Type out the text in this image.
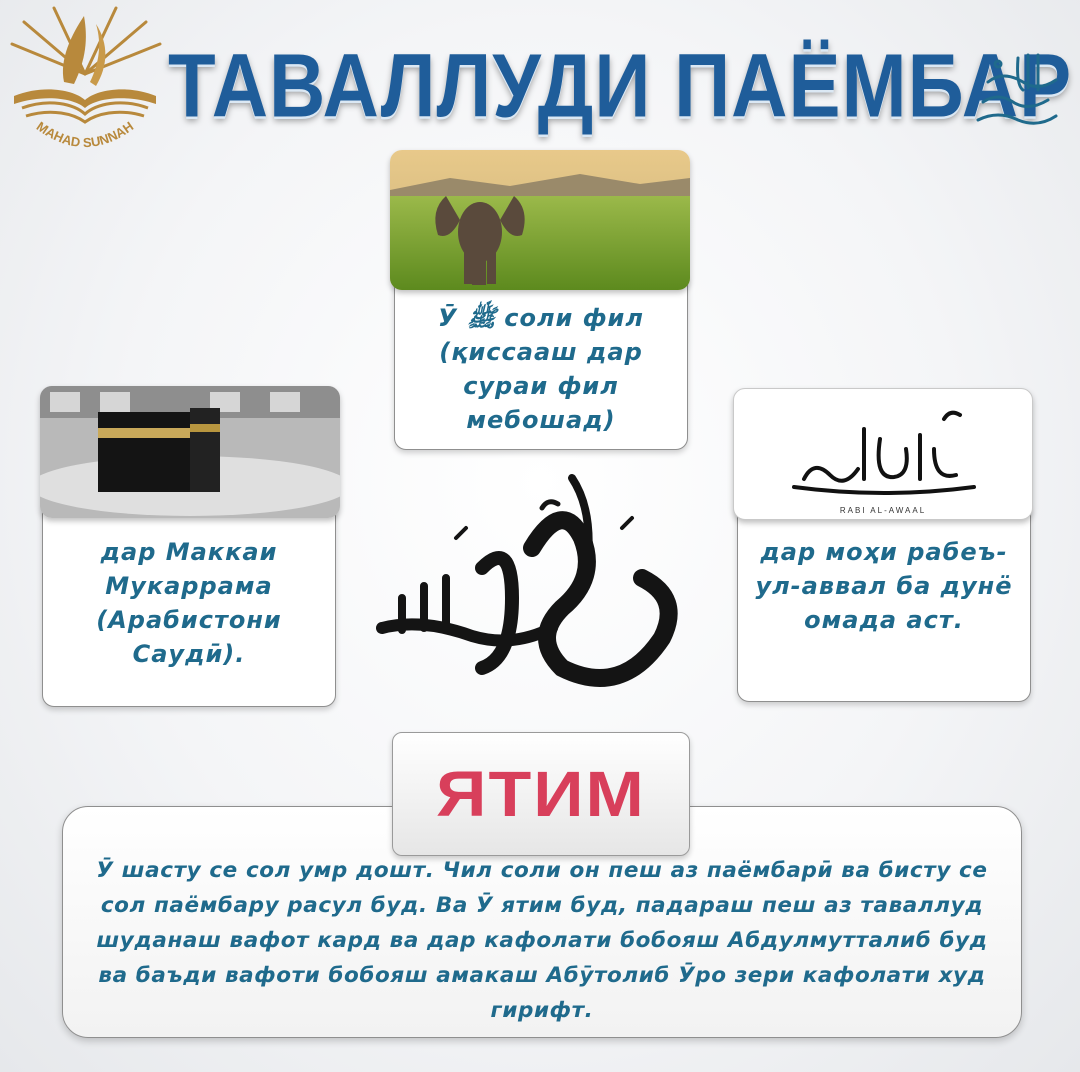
MAHAD SUNNAH ТАВАЛЛУДИ ПАЁМБАР
Ӯ ﷺ соли фил (қиссааш дар сураи фил мебошад)
дар Маккаи Мукаррама (Арабистони Саудӣ).
дар моҳи рабеъ-ул-аввал ба дунё омада аст.
RABI AL-AWAAL
ЯТИМ
Ӯ шасту се сол умр дошт. Чил соли он пеш аз паёмбарӣ ва бисту се сол паёмбару расул буд. Ва Ӯ ятим буд, падараш пеш аз таваллуд шуданаш вафот кард ва дар кафолати бобояш Абдулмутталиб буд ва баъди вафоти бобояш амакаш Абӯтолиб Ӯро зери кафолати худ гирифт.
